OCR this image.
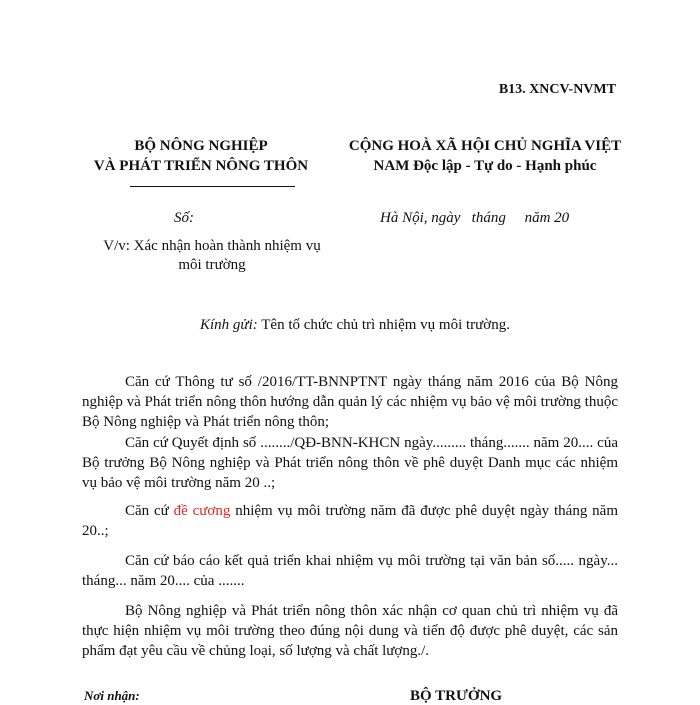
B13. XNCV-NVMT
BỘ NÔNG NGHIỆP
VÀ PHÁT TRIỂN NÔNG THÔN
CỘNG HOÀ XÃ HỘI CHỦ NGHĨA VIỆT
NAM Độc lập - Tự do - Hạnh phúc
Số:	Hà Nội, ngày   tháng     năm 20
V/v: Xác nhận hoàn thành nhiệm vụ môi trường
Kính gửi: Tên tổ chức chủ trì nhiệm vụ môi trường.
Căn cứ Thông tư số /2016/TT-BNNPTNT ngày tháng năm 2016 của Bộ Nông nghiệp và Phát triển nông thôn hướng dẫn quản lý các nhiệm vụ bảo vệ môi trường thuộc Bộ Nông nghiệp và Phát triển nông thôn;
Căn cứ Quyết định số ......../QĐ-BNN-KHCN ngày......... tháng....... năm 20.... của Bộ trưởng Bộ Nông nghiệp và Phát triển nông thôn về phê duyệt Danh mục các nhiệm vụ bảo vệ môi trường năm 20 ..;
Căn cứ đề cương nhiệm vụ môi trường năm đã được phê duyệt ngày tháng năm 20..;
Căn cứ báo cáo kết quả triển khai nhiệm vụ môi trường tại văn bản số..... ngày... tháng... năm 20.... của .......
Bộ Nông nghiệp và Phát triển nông thôn xác nhận cơ quan chủ trì nhiệm vụ đã thực hiện nhiệm vụ môi trường theo đúng nội dung và tiến độ được phê duyệt, các sản phẩm đạt yêu cầu về chủng loại, số lượng và chất lượng./.
Nơi nhận:	BỘ TRƯỞNG
